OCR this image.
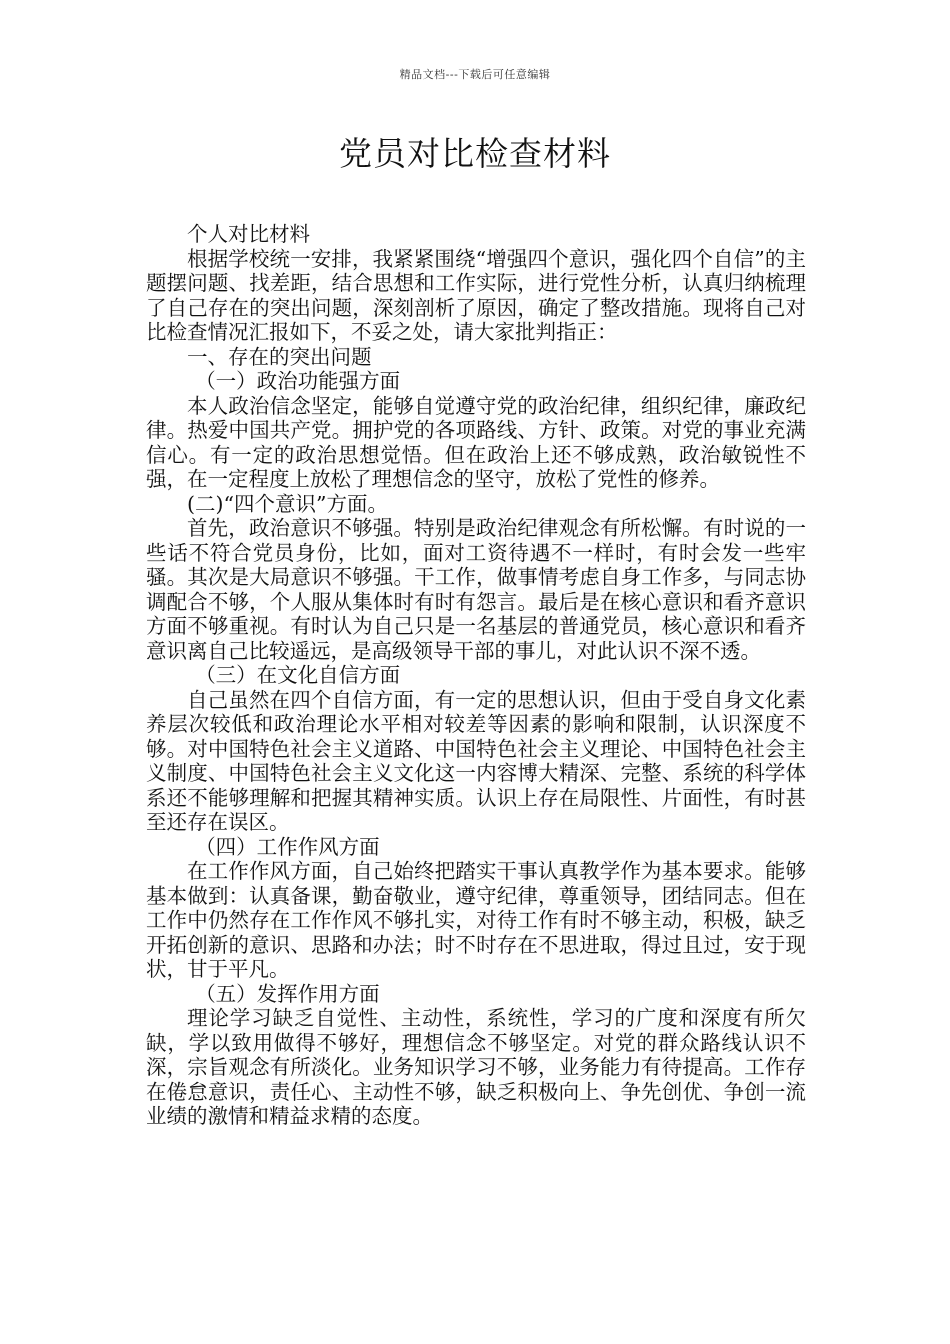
精品文档---下载后可任意编辑
党员对比检查材料

个人对比材料

根据学校统一安排，我紧紧围绕“增强四个意识，强化四个自信”的主题摆问题、找差距，结合思想和工作实际，进行党性分析，认真归纳梳理了自己存在的突出问题，深刻剖析了原因，确定了整改措施。现将自己对比检查情况汇报如下，不妥之处，请大家批判指正：

一、存在的突出问题

（一）政治功能强方面

本人政治信念坚定，能够自觉遵守党的政治纪律，组织纪律，廉政纪律。热爱中国共产党。拥护党的各项路线、方针、政策。对党的事业充满信心。有一定的政治思想觉悟。但在政治上还不够成熟，政治敏锐性不强，在一定程度上放松了理想信念的坚守，放松了党性的修养。

(二)“四个意识”方面。

首先，政治意识不够强。特别是政治纪律观念有所松懈。有时说的一些话不符合党员身份，比如，面对工资待遇不一样时，有时会发一些牢骚。其次是大局意识不够强。干工作，做事情考虑自身工作多，与同志协调配合不够，个人服从集体时有时有怨言。最后是在核心意识和看齐意识方面不够重视。有时认为自己只是一名基层的普通党员，核心意识和看齐意识离自己比较遥远，是高级领导干部的事儿，对此认识不深不透。

（三）在文化自信方面

自己虽然在四个自信方面，有一定的思想认识，但由于受自身文化素养层次较低和政治理论水平相对较差等因素的影响和限制，认识深度不够。对中国特色社会主义道路、中国特色社会主义理论、中国特色社会主义制度、中国特色社会主义文化这一内容博大精深、完整、系统的科学体系还不能够理解和把握其精神实质。认识上存在局限性、片面性，有时甚至还存在误区。

（四）工作作风方面

在工作作风方面，自己始终把踏实干事认真教学作为基本要求。能够基本做到：认真备课，勤奋敬业，遵守纪律，尊重领导，团结同志。但在工作中仍然存在工作作风不够扎实，对待工作有时不够主动，积极，缺乏开拓创新的意识、思路和办法；时不时存在不思进取，得过且过，安于现状，甘于平凡。

（五）发挥作用方面

理论学习缺乏自觉性、主动性，系统性，学习的广度和深度有所欠缺，学以致用做得不够好，理想信念不够坚定。对党的群众路线认识不深，宗旨观念有所淡化。业务知识学习不够，业务能力有待提高。工作存在倦怠意识，责任心、主动性不够，缺乏积极向上、争先创优、争创一流业绩的激情和精益求精的态度。
